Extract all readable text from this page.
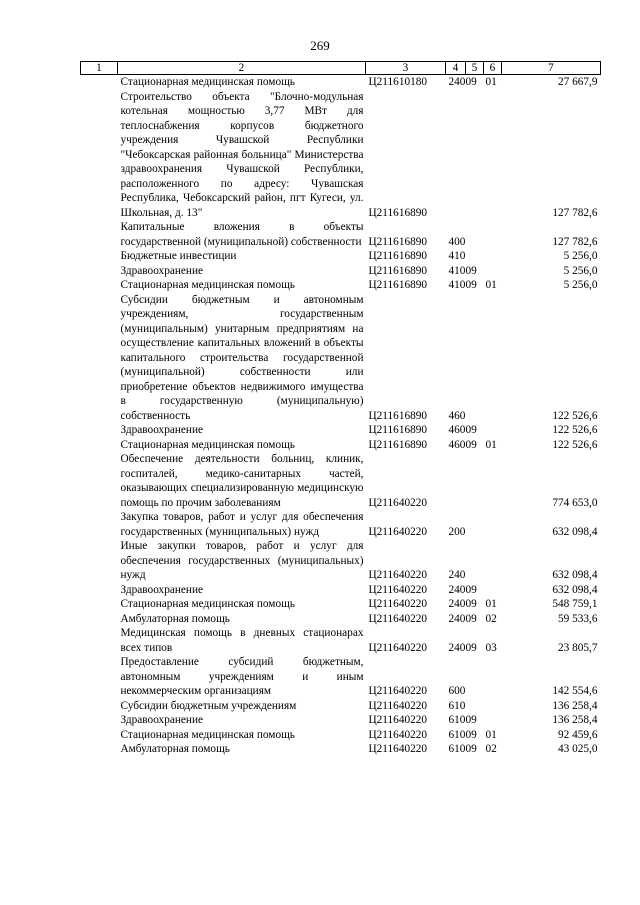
269
1	2	3	4	5	6	7
	Стационарная медицинская помощь	Ц211610180	240	09	01	27 667,9
	Строительство объекта "Блочно-модульная котельная мощностью 3,77 МВт для теплоснабжения корпусов бюджетного учреждения Чувашской Республики "Чебоксарская районная больница" Министерства здравоохранения Чувашской Республики, расположенного по адресу: Чувашская Республика, Чебоксарский район, пгт Кугеси, ул. Школьная, д. 13"	Ц211616890				127 782,6
	Капитальные вложения в объекты государственной (муниципальной) собственности	Ц211616890	400			127 782,6
	Бюджетные инвестиции	Ц211616890	410			5 256,0
	Здравоохранение	Ц211616890	410	09		5 256,0
	Стационарная медицинская помощь	Ц211616890	410	09	01	5 256,0
	Субсидии бюджетным и автономным учреждениям, государственным (муниципальным) унитарным предприятиям на осуществление капитальных вложений в объекты капитального строительства государственной (муниципальной) собственности или приобретение объектов недвижимого имущества в государственную (муниципальную) собственность	Ц211616890	460			122 526,6
	Здравоохранение	Ц211616890	460	09		122 526,6
	Стационарная медицинская помощь	Ц211616890	460	09	01	122 526,6
	Обеспечение деятельности больниц, клиник, госпиталей, медико-санитарных частей, оказывающих специализированную медицинскую помощь по прочим заболеваниям	Ц211640220				774 653,0
	Закупка товаров, работ и услуг для обеспечения государственных (муниципальных) нужд	Ц211640220	200			632 098,4
	Иные закупки товаров, работ и услуг для обеспечения государственных (муниципальных) нужд	Ц211640220	240			632 098,4
	Здравоохранение	Ц211640220	240	09		632 098,4
	Стационарная медицинская помощь	Ц211640220	240	09	01	548 759,1
	Амбулаторная помощь	Ц211640220	240	09	02	59 533,6
	Медицинская помощь в дневных стационарах всех типов	Ц211640220	240	09	03	23 805,7
	Предоставление субсидий бюджетным, автономным учреждениям и иным некоммерческим организациям	Ц211640220	600			142 554,6
	Субсидии бюджетным учреждениям	Ц211640220	610			136 258,4
	Здравоохранение	Ц211640220	610	09		136 258,4
	Стационарная медицинская помощь	Ц211640220	610	09	01	92 459,6
	Амбулаторная помощь	Ц211640220	610	09	02	43 025,0
